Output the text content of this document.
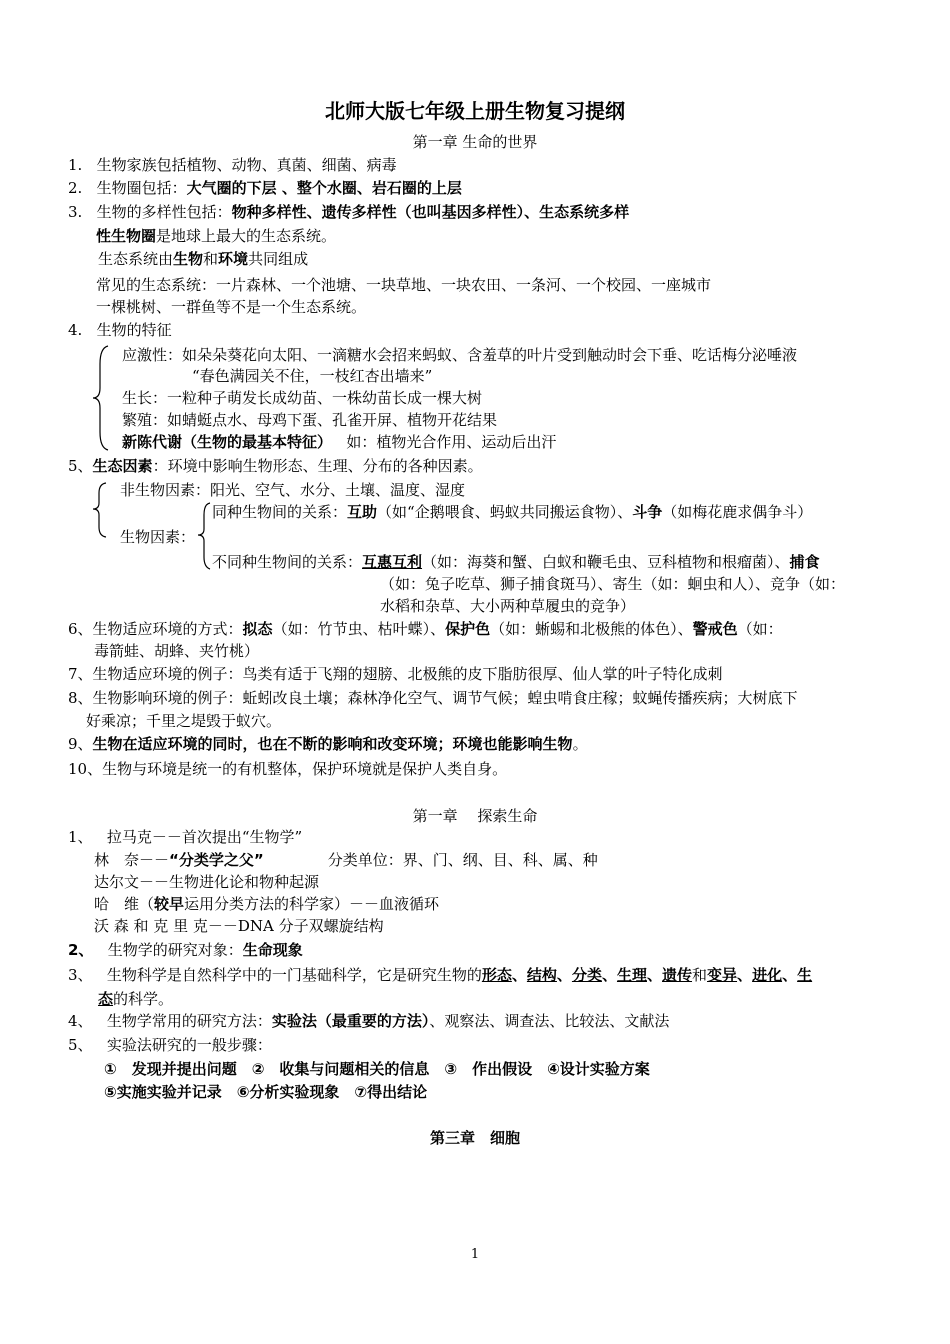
北师大版七年级上册生物复习提纲
第一章 生命的世界
1. 生物家族包括植物、动物、真菌、细菌、病毒
2. 生物圈包括：大气圈的下层 、整个水圈、岩石圈的上层
3. 生物的多样性包括：物种多样性、遗传多样性（也叫基因多样性）、生态系统多样
性生物圈是地球上最大的生态系统。
生态系统由生物和环境共同组成
常见的生态系统：一片森林、一个池塘、一块草地、一块农田、一条河、一个校园、一座城市
一棵桃树、一群鱼等不是一个生态系统。
4. 生物的特征
应激性：如朵朵葵花向太阳、一滴糖水会招来蚂蚁、含羞草的叶片受到触动时会下垂、吃话梅分泌唾液
“春色满园关不住，一枝红杏出墙来”
生长：一粒种子萌发长成幼苗、一株幼苗长成一棵大树
繁殖：如蜻蜓点水、母鸡下蛋、孔雀开屏、植物开花结果
新陈代谢（生物的最基本特征） 如：植物光合作用、运动后出汗
5、生态因素：环境中影响生物形态、生理、分布的各种因素。
非生物因素：阳光、空气、水分、土壤、温度、湿度
同种生物间的关系：互助（如“企鹅喂食、蚂蚁共同搬运食物）、斗争（如梅花鹿求偶争斗）
生物因素：
不同种生物间的关系：互惠互利（如：海葵和蟹、白蚁和鞭毛虫、豆科植物和根瘤菌）、捕食
（如：兔子吃草、狮子捕食斑马）、寄生（如：蛔虫和人）、竞争（如：
水稻和杂草、大小两种草履虫的竞争）
6、生物适应环境的方式：拟态（如：竹节虫、枯叶蝶）、保护色（如：蜥蜴和北极熊的体色）、警戒色（如：
毒箭蛙、胡蜂、夹竹桃）
7、生物适应环境的例子：鸟类有适于飞翔的翅膀、北极熊的皮下脂肪很厚、仙人掌的叶子特化成刺
8、生物影响环境的例子：蚯蚓改良土壤；森林净化空气、调节气候；蝗虫啃食庄稼；蚊蝇传播疾病；大树底下
好乘凉；千里之堤毁于蚁穴。
9、生物在适应环境的同时，也在不断的影响和改变环境；环境也能影响生物。
10、生物与环境是统一的有机整体，保护环境就是保护人类自身。
第一章　 探索生命
1、 拉马克－－首次提出“生物学”
林　奈－－“分类学之父”	分类单位：界、门、纲、目、科、属、种
达尔文－－生物进化论和物种起源
哈　维（较早运用分类方法的科学家）－－血液循环
沃 森 和 克 里 克－－DNA 分子双螺旋结构
2、 生物学的研究对象：生命现象
3、 生物科学是自然科学中的一门基础科学，它是研究生物的形态、结构、分类、生理、遗传和变异、进化、生
态的科学。
4、 生物学常用的研究方法：实验法（最重要的方法）、观察法、调查法、比较法、文献法
5、 实验法研究的一般步骤：
①　发现并提出问题　②　收集与问题相关的信息　③　作出假设　④设计实验方案
⑤实施实验并记录　⑥分析实验现象　⑦得出结论
第三章　细胞
1
